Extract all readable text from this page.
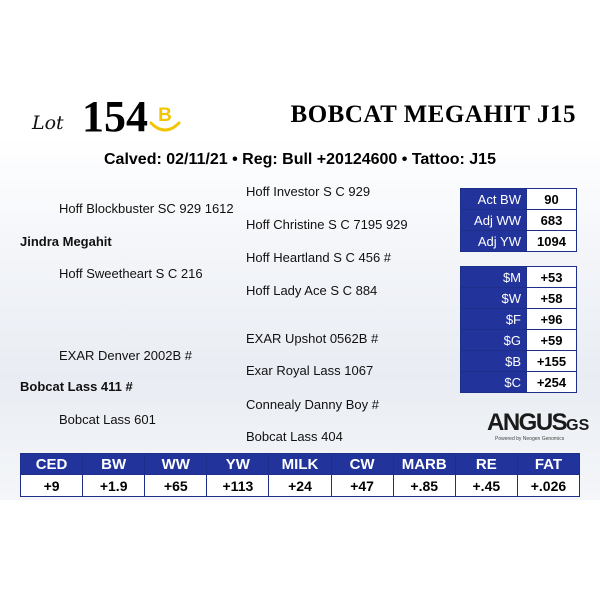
Lot 154 B	BOBCAT MEGAHIT J15
Calved: 02/11/21 • Reg: Bull +20124600 • Tattoo: J15
Hoff Investor S C 929
Hoff Blockbuster SC 929 1612
Hoff Christine S C 7195 929
Jindra Megahit
Hoff Heartland S C 456 #
Hoff Sweetheart S C 216
Hoff Lady Ace S C 884
EXAR Upshot 0562B #
EXAR Denver 2002B #
Exar Royal Lass 1067
Bobcat Lass 411 #
Connealy Danny Boy #
Bobcat Lass 601
Bobcat Lass 404
Act BW	90
Adj WW	683
Adj YW	1094
$M	+53
$W	+58
$F	+96
$G	+59
$B	+155
$C	+254
ANGUSGS
Powered by Neogen Genomics
CED	BW	WW	YW	MILK	CW	MARB	RE	FAT
+9	+1.9	+65	+113	+24	+47	+.85	+.45	+.026
